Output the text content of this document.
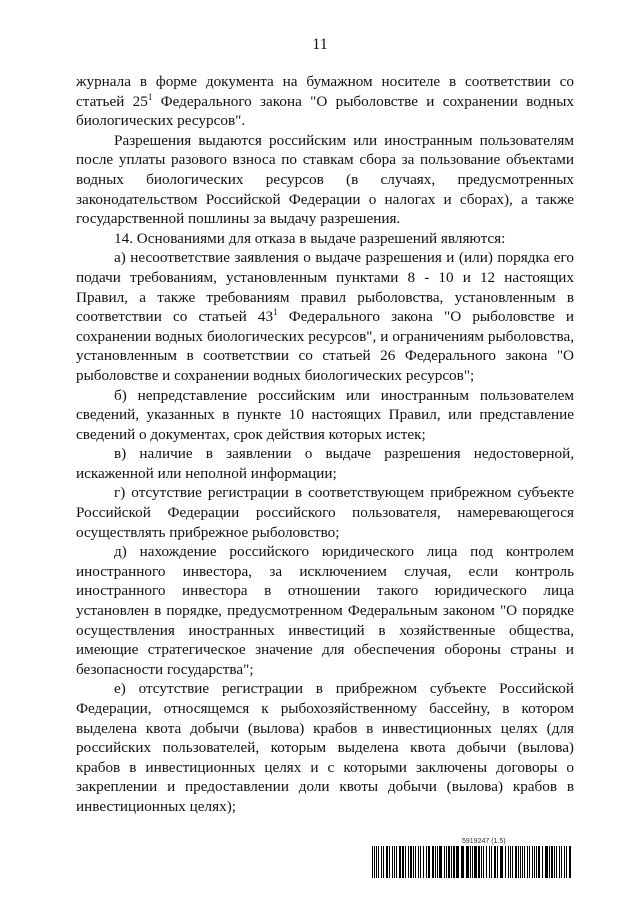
11

журнала в форме документа на бумажном носителе в соответствии со статьей $25^1$ Федерального закона "О рыболовстве и сохранении водных биологических ресурсов".

Разрешения выдаются российским или иностранным пользователям после уплаты разового взноса по ставкам сбора за пользование объектами водных биологических ресурсов (в случаях, предусмотренных законодательством Российской Федерации о налогах и сборах), а также государственной пошлины за выдачу разрешения.

14. Основаниями для отказа в выдаче разрешений являются:

а) несоответствие заявления о выдаче разрешения и (или) порядка его подачи требованиям, установленным пунктами 8 - 10 и 12 настоящих Правил, а также требованиям правил рыболовства, установленным в соответствии со статьей $43^1$ Федерального закона "О рыболовстве и сохранении водных биологических ресурсов", и ограничениям рыболовства, установленным в соответствии со статьей 26 Федерального закона "О рыболовстве и сохранении водных биологических ресурсов";

б) непредставление российским или иностранным пользователем сведений, указанных в пункте 10 настоящих Правил, или представление сведений о документах, срок действия которых истек;

в) наличие в заявлении о выдаче разрешения недостоверной, искаженной или неполной информации;

г) отсутствие регистрации в соответствующем прибрежном субъекте Российской Федерации российского пользователя, намеревающегося осуществлять прибрежное рыболовство;

д) нахождение российского юридического лица под контролем иностранного инвестора, за исключением случая, если контроль иностранного инвестора в отношении такого юридического лица установлен в порядке, предусмотренном Федеральным законом "О порядке осуществления иностранных инвестиций в хозяйственные общества, имеющие стратегическое значение для обеспечения обороны страны и безопасности государства";

е) отсутствие регистрации в прибрежном субъекте Российской Федерации, относящемся к рыбохозяйственному бассейну, в котором выделена квота добычи (вылова) крабов в инвестиционных целях (для российских пользователей, которым выделена квота добычи (вылова) крабов в инвестиционных целях и с которыми заключены договоры о закреплении и предоставлении доли квоты добычи (вылова) крабов в инвестиционных целях);

5919247 (1.5)
